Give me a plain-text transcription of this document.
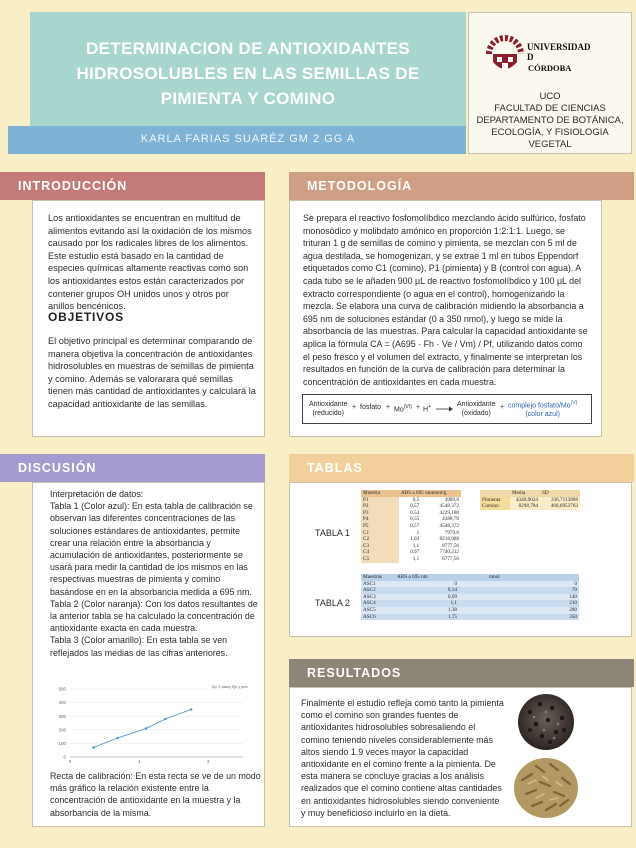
DETERMINACION DE ANTIOXIDANTES HIDROSOLUBLES EN LAS SEMILLAS DE PIMIENTA Y COMINO
KARLA FARIAS SUARÉZ GM 2 GG A
UNIVERSIDAD
D
CÓRDOBA
UCO
FACULTAD DE CIENCIAS
DEPARTAMENTO DE BOTÁNICA, ECOLOGÍA, Y FISIOLOGIA VEGETAL
INTRODUCCIÓN
Los antioxidantes se encuentran en multitud de alimentos evitando así la oxidación de los mismos causado por los radicales libres de los alimentos. Este estudio está basado en la cantidad de especies químicas altamente reactivas como son los antioxidantes estos están caracterizados por contener grupos OH unidos unos y otros por anillos bencénicos.
OBJETIVOS
El objetivo principal es determinar comparando de manera objetiva la concentración de antioxidantes hidrosolubles en muestras de semillas de pimienta y comino. Además se valorarara qué semillas tienen más cantidad de antioxidantes y calculará la capacidad antioxidante de las semillas.
METODOLOGÍA
Se prepara el reactivo fosfomolíbdico mezclando ácido sulfúrico, fosfato monosódico y molibdato amónico en proporción 1:2:1:1. Luego, se trituran 1 g de semillas de comino y pimienta, se mezclan con 5 ml de agua destilada, se homogenizan, y se extrae 1 ml en tubos Eppendorf etiquetados como C1 (comino), P1 (pimienta) y B (control con agua). A cada tubo se le añaden 900 μL de reactivo fosfomolíbdico y 100 μL del extracto correspondiente (o agua en el control), homogenizando la mezcla. Se elabora una curva de calibración midiendo la absorbancia a 695 nm de soluciones estándar (0 a 350 nmol), y luego se mide la absorbancia de las muestras. Para calcular la capacidad antioxidante se aplica la fórmula CA = (A695 · Fh · Ve / Vm) / Pf, utilizando datos como el peso fresco y el volumen del extracto, y finalmente se interpretan los resultados en función de la curva de calibración para determinar la concentración de antioxidantes en cada muestra.
Antioxidante
(reducido)
+ fosfato + $Mo^{(VI)} + H^+$ →
Antioxidante
(oxidado)
+ complejo fosfato/$Mo^{(V)}$
(color azul)
DISCUSIÓN
Interpretación de datos:
Tabla 1 (Color azul): En esta tabla de calibración se observan las diferentes concentraciones de las soluciones estándares de antioxidantes, permite crear una relación entre la absorbancia y acumulación de antioxidantes, posteriormente se usará para medir la cantidad de los mismos en las respectivas muestras de pimienta y comino basándose en en la absorbancia medida a 695 nm.
Tabla 2 (Color naranja): Con los datos resultantes de la anterior tabla se ha calculado la concentración de antioxidante exacta en cada muestra.
Tabla 3 (Color amarillo): En esta tabla se ven reflejados las medias de las cifras anteriores.
0
100
200
300
400
500
0	1	2
Eje X asacy Eje y prec
Recta de calibración: En esta recta se ve de un modo más gráfico la relación existente entre la concentración de antioxidante en la muestra y la absorbancia de la misma.
TABLAS
TABLA 1
TABLA 2
Muestra	ABS a 695 nmnmol/g	
P1	0,5	3989,8
P2	0,57	4548,372
P3	0,53	4229,188
P4	0,55	4388,78
P5	0,57	4548,372
C1	1	7979,6
C2	1,03	8218,988
C3	1,1	8777,56
C4	0,97	7740,212
C5	1,1	8777,56
	Media	SD
Pimienta	4340,9024	236,7113898
Comino	8298,784	468,6953763
Muestras	ABS a 695 nm	nmol
ASC1	0	0
ASC2	0,34	70
ASC3	0,69	140
ASC4	1,1	210
ASC5	1,38	280
ASC6	1,75	350
RESULTADOS
Finalmente el estudio refleja como tanto la pimienta como el comino son grandes fuentes de antioxidantes hidrosolubles sobresaliendo el comino teniendo niveles considerablemente más altos siendo 1.9 veces mayor la capacidad antioxidante en el comino frente a la pimienta. De esta manera se concluye gracias a los análisis realizados que el comino contiene altas cantidades en antioxidantes hidrosolubles siendo conveniente y muy beneficioso incluirlo en la dieta.
